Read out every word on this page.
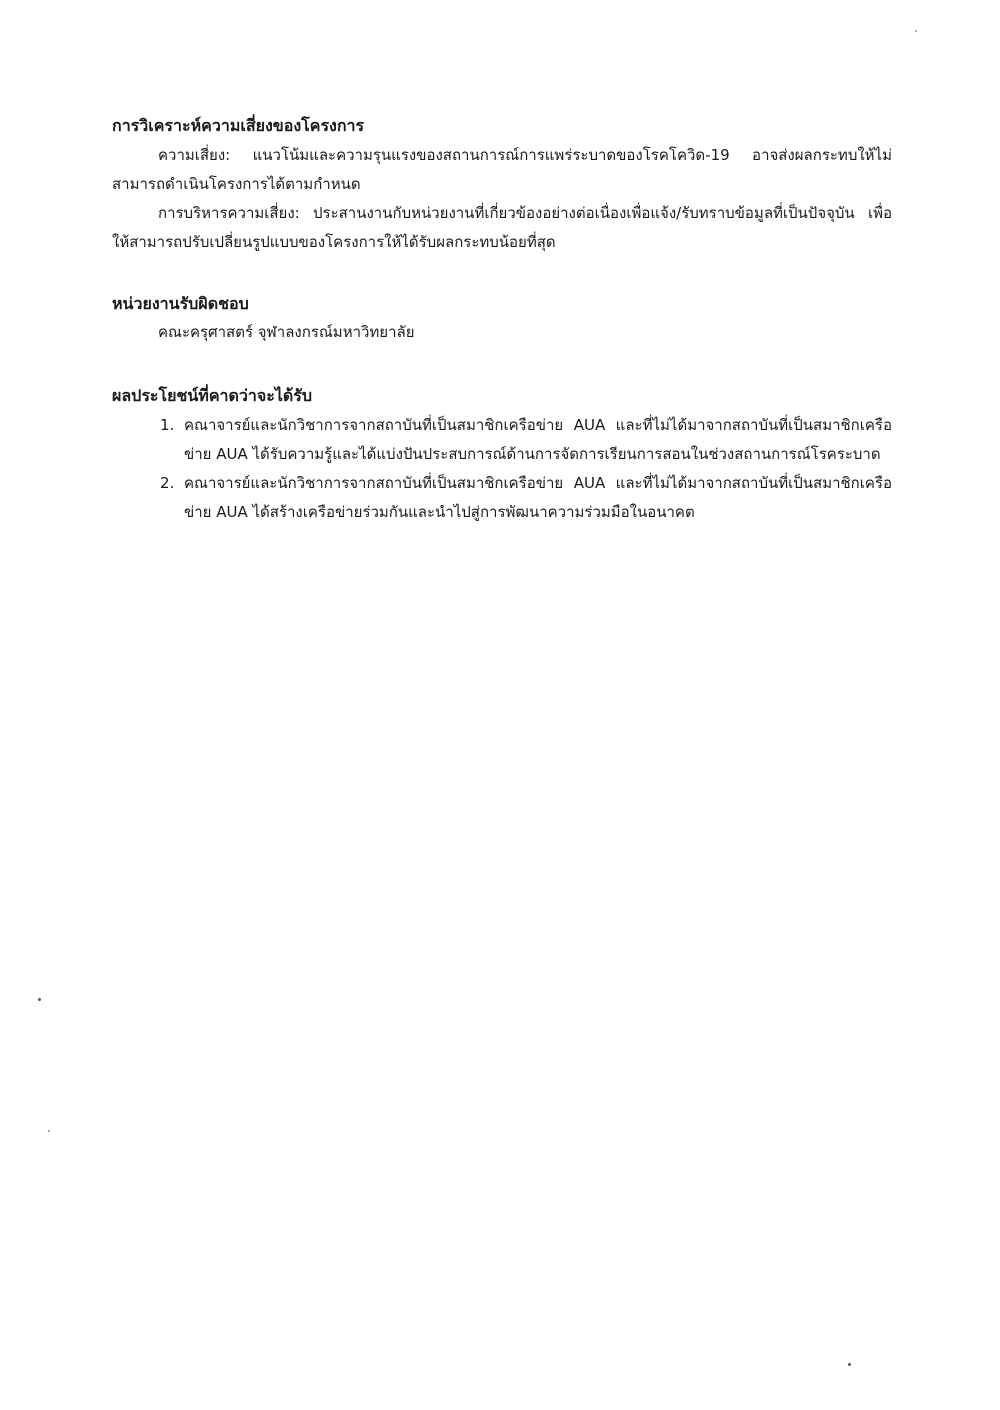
การวิเคราะห์ความเสี่ยงของโครงการ

ความเสี่ยง: แนวโน้มและความรุนแรงของสถานการณ์การแพร่ระบาดของโรคโควิด-19 อาจส่งผลกระทบให้ไม่สามารถดำเนินโครงการได้ตามกำหนด

การบริหารความเสี่ยง: ประสานงานกับหน่วยงานที่เกี่ยวข้องอย่างต่อเนื่องเพื่อแจ้ง/รับทราบข้อมูลที่เป็นปัจจุบัน เพื่อให้สามารถปรับเปลี่ยนรูปแบบของโครงการให้ได้รับผลกระทบน้อยที่สุด

หน่วยงานรับผิดชอบ

คณะครุศาสตร์ จุฬาลงกรณ์มหาวิทยาลัย

ผลประโยชน์ที่คาดว่าจะได้รับ

1. คณาจารย์และนักวิชาการจากสถาบันที่เป็นสมาชิกเครือข่าย AUA และที่ไม่ได้มาจากสถาบันที่เป็นสมาชิกเครือข่าย AUA ได้รับความรู้และได้แบ่งปันประสบการณ์ด้านการจัดการเรียนการสอนในช่วงสถานการณ์โรคระบาด
2. คณาจารย์และนักวิชาการจากสถาบันที่เป็นสมาชิกเครือข่าย AUA และที่ไม่ได้มาจากสถาบันที่เป็นสมาชิกเครือข่าย AUA ได้สร้างเครือข่ายร่วมกันและนำไปสู่การพัฒนาความร่วมมือในอนาคต
